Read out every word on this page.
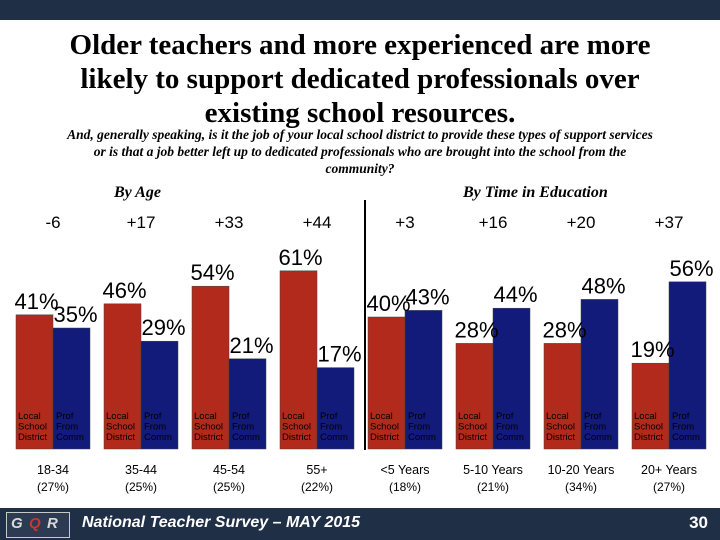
Older teachers and more experienced are more
likely to support dedicated professionals over
existing school resources.
And, generally speaking, is it the job of your local school district to provide these types of support services or is that a job better left up to dedicated professionals who are brought into the school from the community?
By Age	By Time in Education
-6
41%
35%
Local
School
District
Prof
From
Comm
18-34
(27%)
+17
46%
29%
Local
School
District
Prof
From
Comm
35-44
(25%)
+33
54%
21%
Local
School
District
Prof
From
Comm
45-54
(25%)
+44
61%
17%
Local
School
District
Prof
From
Comm
55+
(22%)
+3
40%
43%
Local
School
District
Prof
From
Comm
<5 Years
(18%)
+16
28%
44%
Local
School
District
Prof
From
Comm
5-10 Years
(21%)
+20
28%
48%
Local
School
District
Prof
From
Comm
10-20 Years
(34%)
+37
19%
56%
Local
School
District
Prof
From
Comm
20+ Years
(27%)
G Q R National Teacher Survey – MAY 2015	30
